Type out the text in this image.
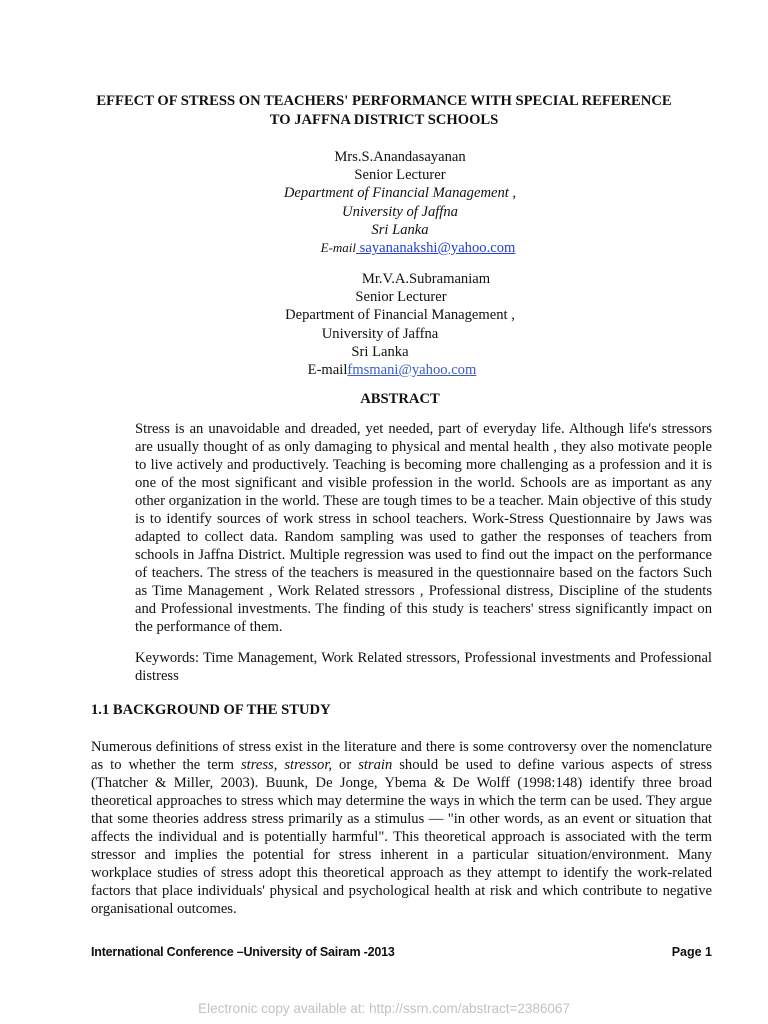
EFFECT OF STRESS ON TEACHERS' PERFORMANCE WITH SPECIAL REFERENCE
TO JAFFNA DISTRICT SCHOOLS
Mrs.S.Anandasayanan
Senior Lecturer
Department of Financial Management ,
University of Jaffna
Sri Lanka
E-mail sayananakshi@yahoo.com
Mr.V.A.Subramaniam
Senior Lecturer
Department of Financial Management ,
University of Jaffna
Sri Lanka
E-mailfmsmani@yahoo.com
ABSTRACT
Stress is an unavoidable and dreaded, yet needed, part of everyday life. Although life's stressors are usually thought of as only damaging to physical and mental health , they also motivate people to live actively and productively. Teaching is becoming more challenging as a profession and it is one of the most significant and visible profession in the world. Schools are as important as any other organization in the world. These are tough times to be a teacher. Main objective of this study is to identify sources of work stress in school teachers. Work-Stress Questionnaire by Jaws was adapted to collect data. Random sampling was used to gather the responses of teachers from schools in Jaffna District. Multiple regression was used to find out the impact on the performance of teachers. The stress of the teachers is measured in the questionnaire based on the factors Such as Time Management , Work Related stressors , Professional distress, Discipline of the students and Professional investments. The finding of this study is teachers' stress significantly impact on the performance of them.
Keywords: Time Management, Work Related stressors, Professional investments and Professional distress
1.1 BACKGROUND OF THE STUDY
Numerous definitions of stress exist in the literature and there is some controversy over the nomenclature as to whether the term stress, stressor, or strain should be used to define various aspects of stress (Thatcher & Miller, 2003). Buunk, De Jonge, Ybema & De Wolff (1998:148) identify three broad theoretical approaches to stress which may determine the ways in which the term can be used. They argue that some theories address stress primarily as a stimulus — "in other words, as an event or situation that affects the individual and is potentially harmful". This theoretical approach is associated with the term stressor and implies the potential for stress inherent in a particular situation/environment. Many workplace studies of stress adopt this theoretical approach as they attempt to identify the work-related factors that place individuals' physical and psychological health at risk and which contribute to negative organisational outcomes.
International Conference –University of Sairam -2013	Page 1
Electronic copy available at: http://ssrn.com/abstract=2386067
